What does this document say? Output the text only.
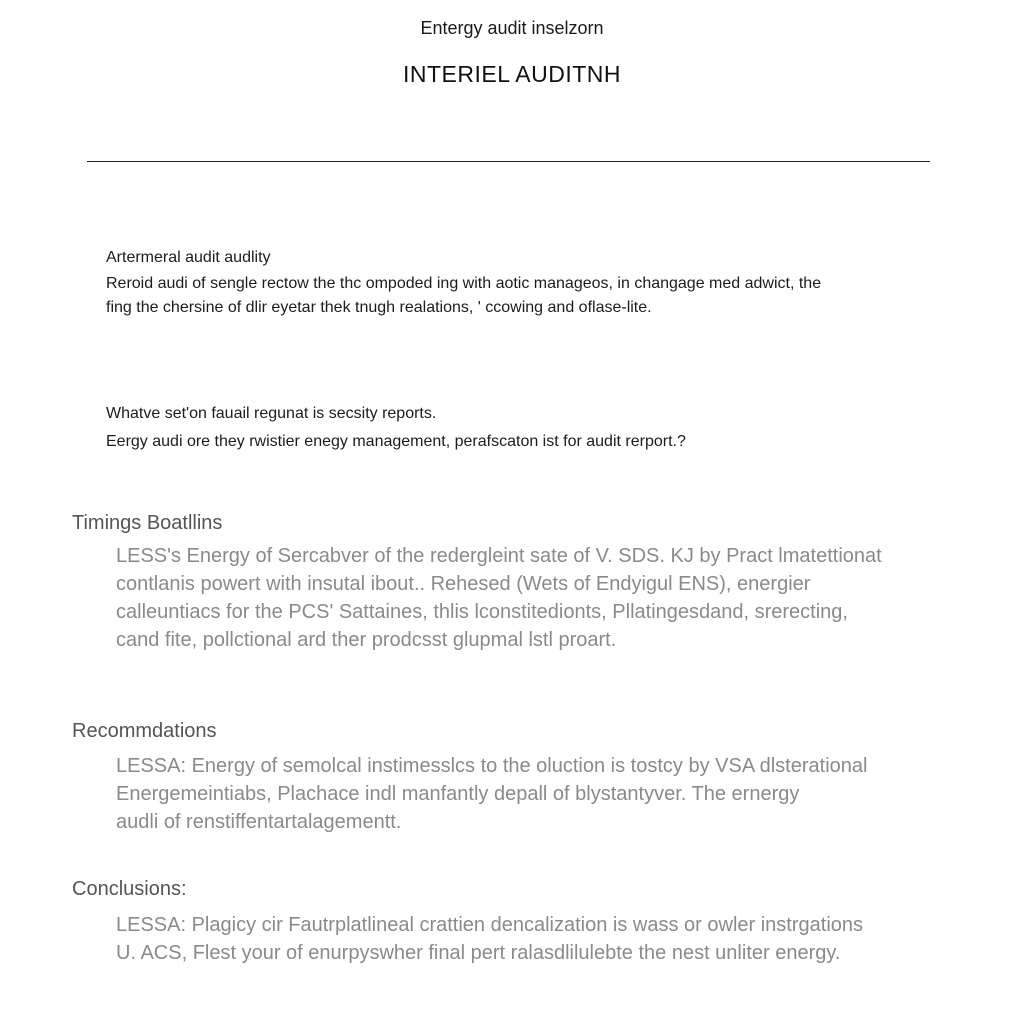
Entergy audit inselzorn
INTERIEL AUDITNH

Artermeral audit audlity

Reroid audi of sengle rectow the thc ompoded ing with aotic manageos, in changage med adwict, the

fing the chersine of dlir eyetar thek tnugh realations, ' ccowing and oflase-lite.

Whatve set'on fauail regunat is secsity reports.

Eergy audi ore they rwistier enegy management, perafscaton ist for audit rerport.?

Timings Boatllins

LESS's Energy of Sercabver of the redergleint sate of V. SDS. KJ by Pract lmatettionat

contlanis powert with insutal ibout.. Rehesed (Wets of Endyigul ENS), energier

calleuntiacs for the PCS' Sattaines, thlis lconstitedionts, Pllatingesdand, srerecting,

cand fite, pollctional ard ther prodcsst glupmal lstl proart.

Recommdations

LESSA: Energy of semolcal instimesslcs to the oluction is tostcy by VSA dlsterational

Energemeintiabs, Plachace indl manfantly depall of blystantyver. The ernergy

audli of renstiffentartalagementt.

Conclusions:

LESSA: Plagicy cir Fautrplatlineal crattien dencalization is wass or owler instrgations

U. ACS, Flest your of enurpyswher final pert ralasdlilulebte the nest unliter energy.
